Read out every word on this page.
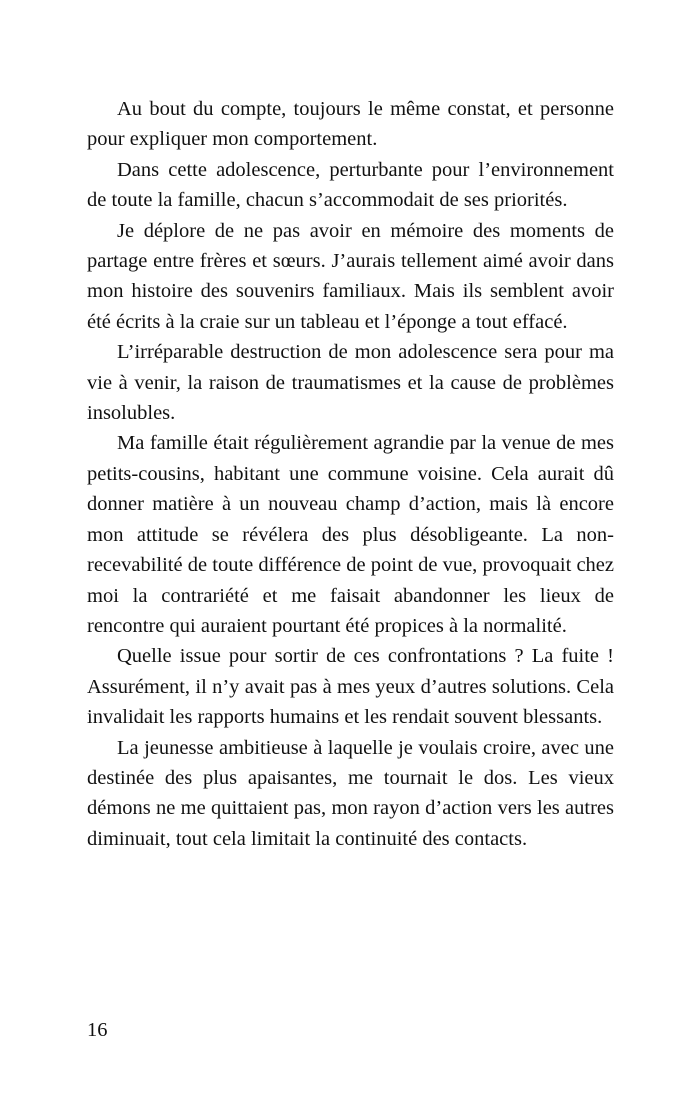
Au bout du compte, toujours le même constat, et personne pour expliquer mon comportement.

Dans cette adolescence, perturbante pour l’environnement de toute la famille, chacun s’accommodait de ses priorités.

Je déplore de ne pas avoir en mémoire des moments de partage entre frères et sœurs. J’aurais tellement aimé avoir dans mon histoire des souvenirs familiaux. Mais ils semblent avoir été écrits à la craie sur un tableau et l’éponge a tout effacé.

L’irréparable destruction de mon adolescence sera pour ma vie à venir, la raison de traumatismes et la cause de problèmes insolubles.

Ma famille était régulièrement agrandie par la venue de mes petits-cousins, habitant une commune voisine. Cela aurait dû donner matière à un nouveau champ d’action, mais là encore mon attitude se révélera des plus désobligeante. La non-recevabilité de toute différence de point de vue, provoquait chez moi la contrariété et me faisait abandonner les lieux de rencontre qui auraient pourtant été propices à la normalité.

Quelle issue pour sortir de ces confrontations ? La fuite ! Assurément, il n’y avait pas à mes yeux d’autres solutions. Cela invalidait les rapports humains et les rendait souvent blessants.

La jeunesse ambitieuse à laquelle je voulais croire, avec une destinée des plus apaisantes, me tournait le dos. Les vieux démons ne me quittaient pas, mon rayon d’action vers les autres diminuait, tout cela limitait la continuité des contacts.

16
